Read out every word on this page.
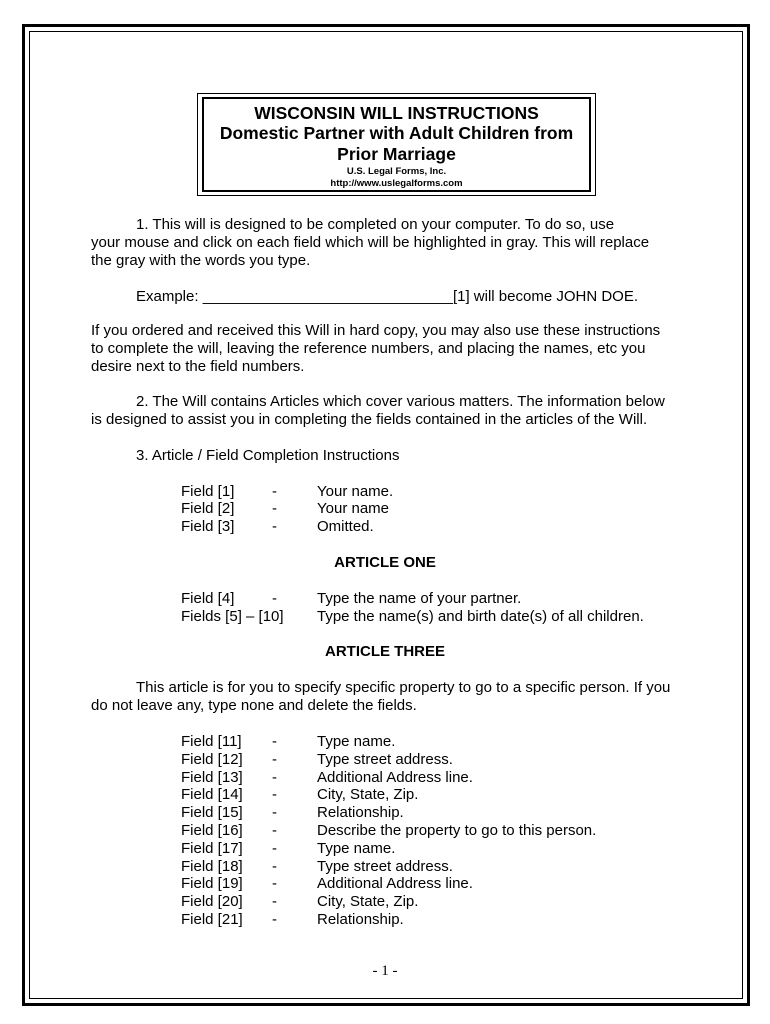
WISCONSIN WILL INSTRUCTIONS
Domestic Partner with Adult Children from
Prior Marriage
U.S. Legal Forms, Inc.
http://www.uslegalforms.com
1. This will is designed to be completed on your computer. To do so, use
your mouse and click on each field which will be highlighted in gray. This will replace
the gray with the words you type.
Example: ______________________________[1] will become JOHN DOE.
If you ordered and received this Will in hard copy, you may also use these instructions
to complete the will, leaving the reference numbers, and placing the names, etc you
desire next to the field numbers.
2. The Will contains Articles which cover various matters. The information below
is designed to assist you in completing the fields contained in the articles of the Will.
3. Article / Field Completion Instructions
Field [1]	-	Your name.
Field [2]	-	Your name
Field [3]	-	Omitted.
ARTICLE ONE
Field [4]	-	Type the name of your partner.
Fields [5] – [10] Type the name(s) and birth date(s) of all children.
ARTICLE THREE
This article is for you to specify specific property to go to a specific person. If you
do not leave any, type none and delete the fields.
Field [11] -	Type name.
Field [12] -	Type street address.
Field [13] -	Additional Address line.
Field [14] -	City, State, Zip.
Field [15] -	Relationship.
Field [16] -	Describe the property to go to this person.
Field [17] -	Type name.
Field [18] -	Type street address.
Field [19] -	Additional Address line.
Field [20] -	City, State, Zip.
Field [21] -	Relationship.
- 1 -
